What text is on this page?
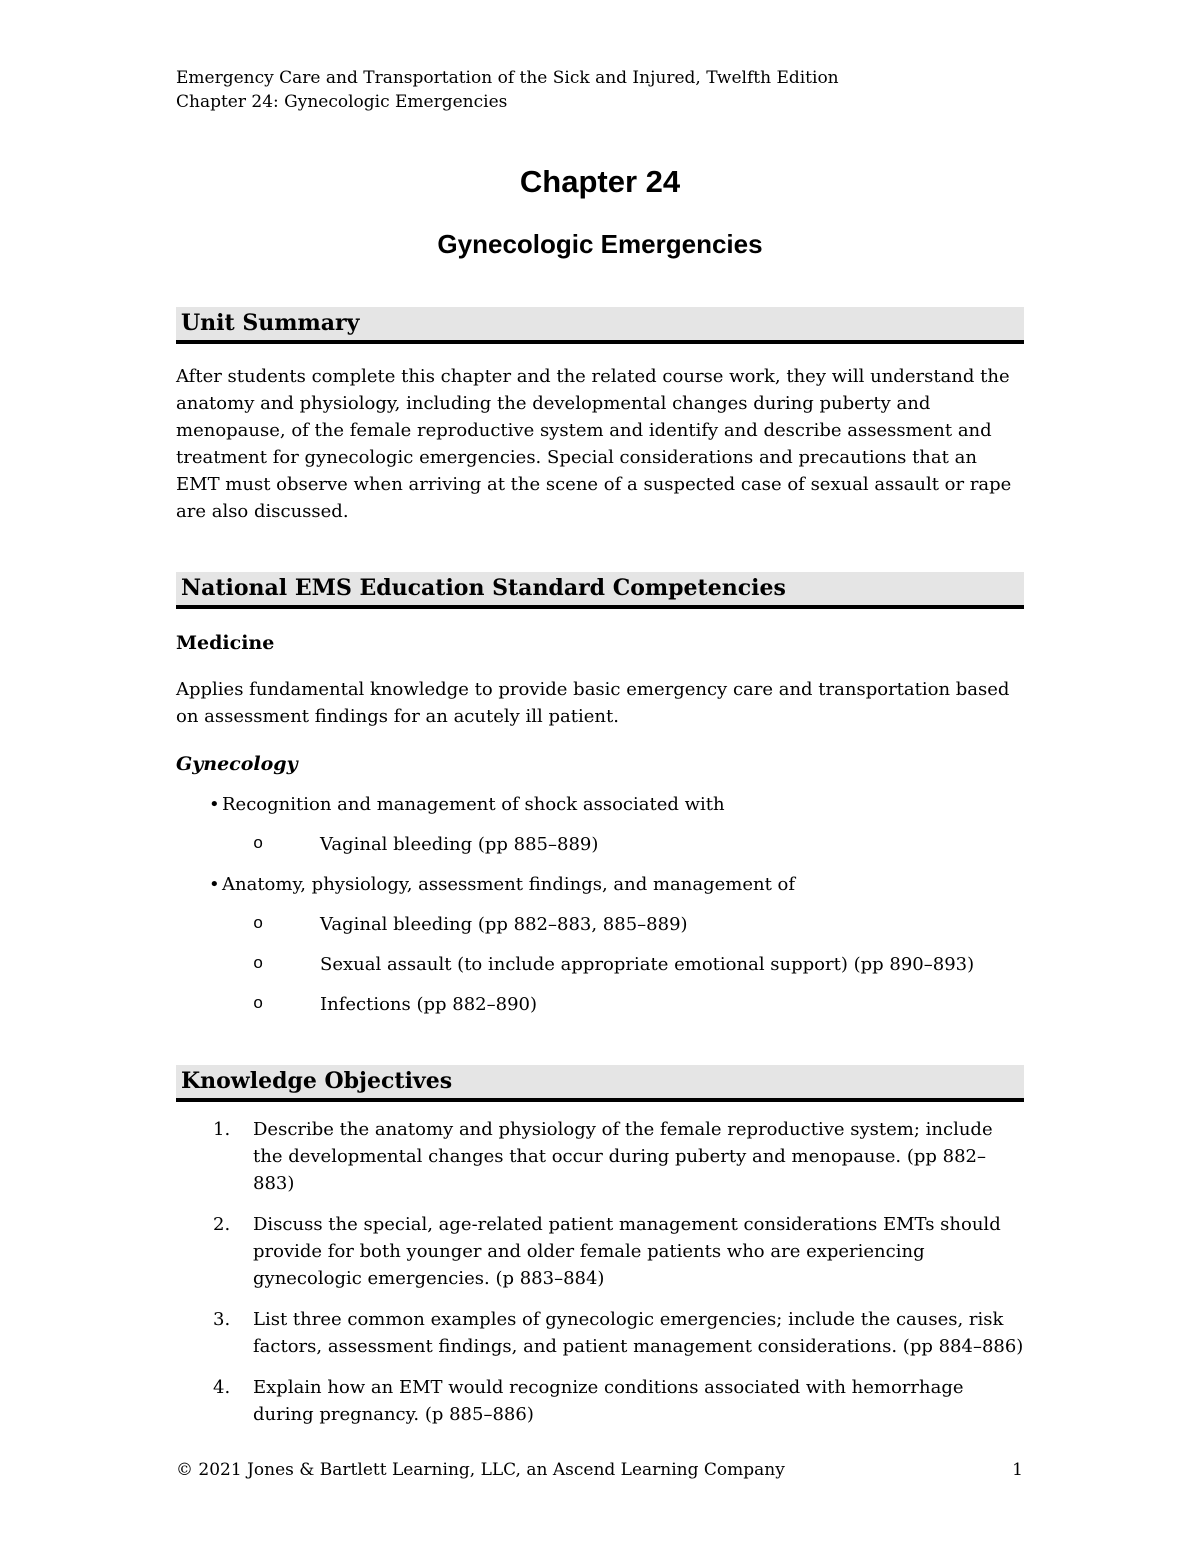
Emergency Care and Transportation of the Sick and Injured, Twelfth Edition
Chapter 24: Gynecologic Emergencies
Chapter 24
Gynecologic Emergencies
Unit Summary
After students complete this chapter and the related course work, they will understand the anatomy and physiology, including the developmental changes during puberty and menopause, of the female reproductive system and identify and describe assessment and treatment for gynecologic emergencies. Special considerations and precautions that an EMT must observe when arriving at the scene of a suspected case of sexual assault or rape are also discussed.
National EMS Education Standard Competencies
Medicine
Applies fundamental knowledge to provide basic emergency care and transportation based on assessment findings for an acutely ill patient.
Gynecology
• Recognition and management of shock associated with
o	Vaginal bleeding (pp 885–889)
• Anatomy, physiology, assessment findings, and management of
o	Vaginal bleeding (pp 882–883, 885–889)
o	Sexual assault (to include appropriate emotional support) (pp 890–893)
o	Infections (pp 882–890)
Knowledge Objectives
1. Describe the anatomy and physiology of the female reproductive system; include the developmental changes that occur during puberty and menopause. (pp 882–883)
2. Discuss the special, age-related patient management considerations EMTs should provide for both younger and older female patients who are experiencing gynecologic emergencies. (p 883–884)
3. List three common examples of gynecologic emergencies; include the causes, risk factors, assessment findings, and patient management considerations. (pp 884–886)
4. Explain how an EMT would recognize conditions associated with hemorrhage during pregnancy. (p 885–886)
© 2021 Jones & Bartlett Learning, LLC, an Ascend Learning Company	1
